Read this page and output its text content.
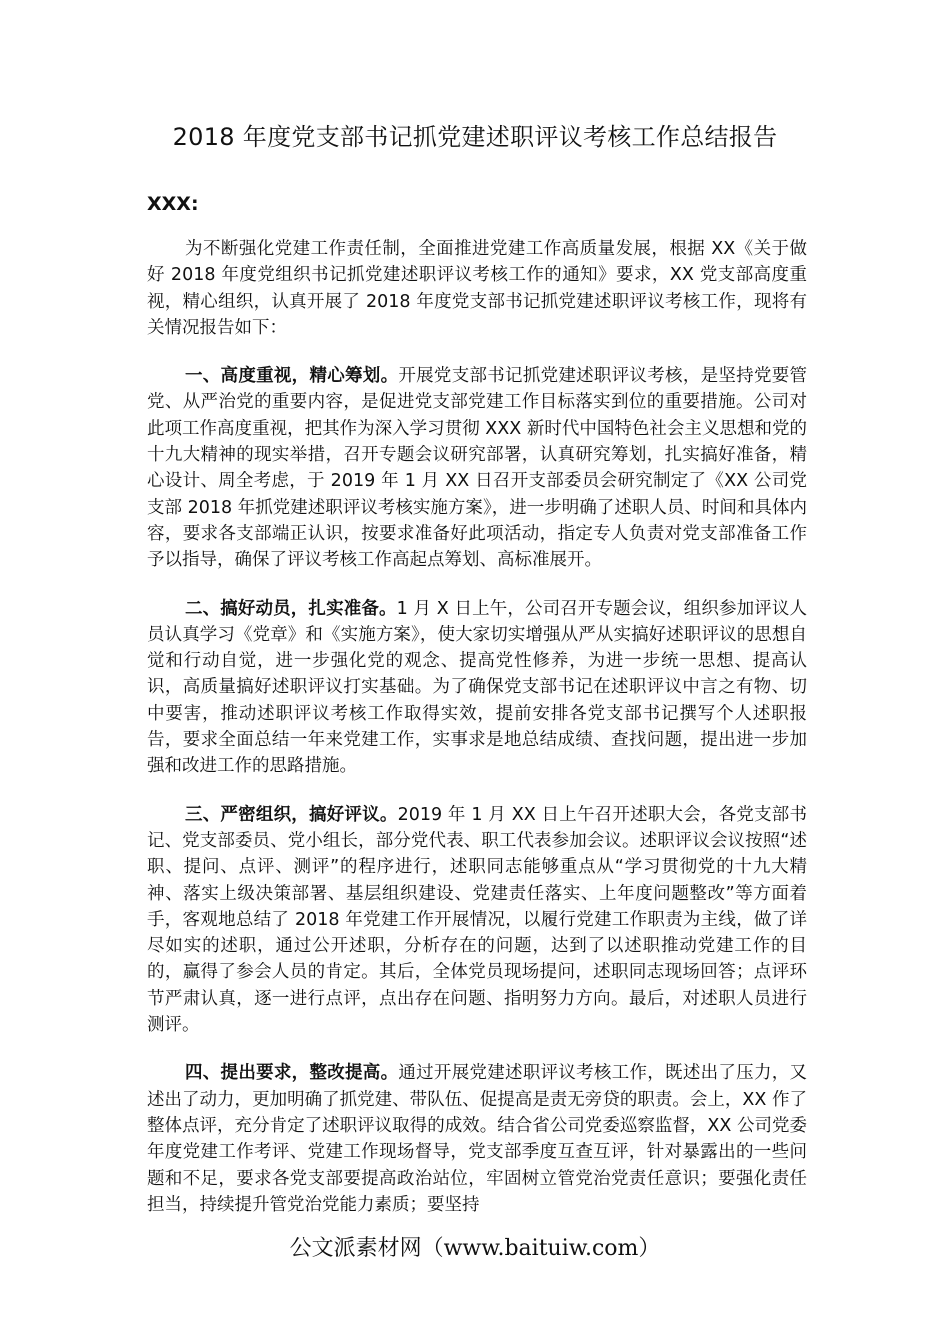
2018 年度党支部书记抓党建述职评议考核工作总结报告
XXX:

为不断强化党建工作责任制，全面推进党建工作高质量发展，根据 XX《关于做好 2018 年度党组织书记抓党建述职评议考核工作的通知》要求，XX 党支部高度重视，精心组织，认真开展了 2018 年度党支部书记抓党建述职评议考核工作，现将有关情况报告如下：

一、高度重视，精心筹划。开展党支部书记抓党建述职评议考核，是坚持党要管党、从严治党的重要内容，是促进党支部党建工作目标落实到位的重要措施。公司对此项工作高度重视，把其作为深入学习贯彻 XXX 新时代中国特色社会主义思想和党的十九大精神的现实举措，召开专题会议研究部署，认真研究筹划，扎实搞好准备，精心设计、周全考虑，于 2019 年 1 月 XX 日召开支部委员会研究制定了《XX 公司党支部 2018 年抓党建述职评议考核实施方案》，进一步明确了述职人员、时间和具体内容，要求各支部端正认识，按要求准备好此项活动，指定专人负责对党支部准备工作予以指导，确保了评议考核工作高起点筹划、高标准展开。

二、搞好动员，扎实准备。1 月 X 日上午，公司召开专题会议，组织参加评议人员认真学习《党章》和《实施方案》，使大家切实增强从严从实搞好述职评议的思想自觉和行动自觉，进一步强化党的观念、提高党性修养，为进一步统一思想、提高认识，高质量搞好述职评议打实基础。为了确保党支部书记在述职评议中言之有物、切中要害，推动述职评议考核工作取得实效，提前安排各党支部书记撰写个人述职报告，要求全面总结一年来党建工作，实事求是地总结成绩、查找问题，提出进一步加强和改进工作的思路措施。

三、严密组织，搞好评议。2019 年 1 月 XX 日上午召开述职大会，各党支部书记、党支部委员、党小组长，部分党代表、职工代表参加会议。述职评议会议按照“述职、提问、点评、测评”的程序进行，述职同志能够重点从“学习贯彻党的十九大精神、落实上级决策部署、基层组织建设、党建责任落实、上年度问题整改”等方面着手，客观地总结了 2018 年党建工作开展情况，以履行党建工作职责为主线，做了详尽如实的述职，通过公开述职，分析存在的问题，达到了以述职推动党建工作的目的，赢得了参会人员的肯定。其后，全体党员现场提问，述职同志现场回答；点评环节严肃认真，逐一进行点评，点出存在问题、指明努力方向。最后，对述职人员进行测评。

四、提出要求，整改提高。通过开展党建述职评议考核工作，既述出了压力，又述出了动力，更加明确了抓党建、带队伍、促提高是责无旁贷的职责。会上，XX 作了整体点评，充分肯定了述职评议取得的成效。结合省公司党委巡察监督，XX 公司党委年度党建工作考评、党建工作现场督导，党支部季度互查互评，针对暴露出的一些问题和不足，要求各党支部要提高政治站位，牢固树立管党治党责任意识；要强化责任担当，持续提升管党治党能力素质；要坚持

公文派素材网（www.baituiw.com）
